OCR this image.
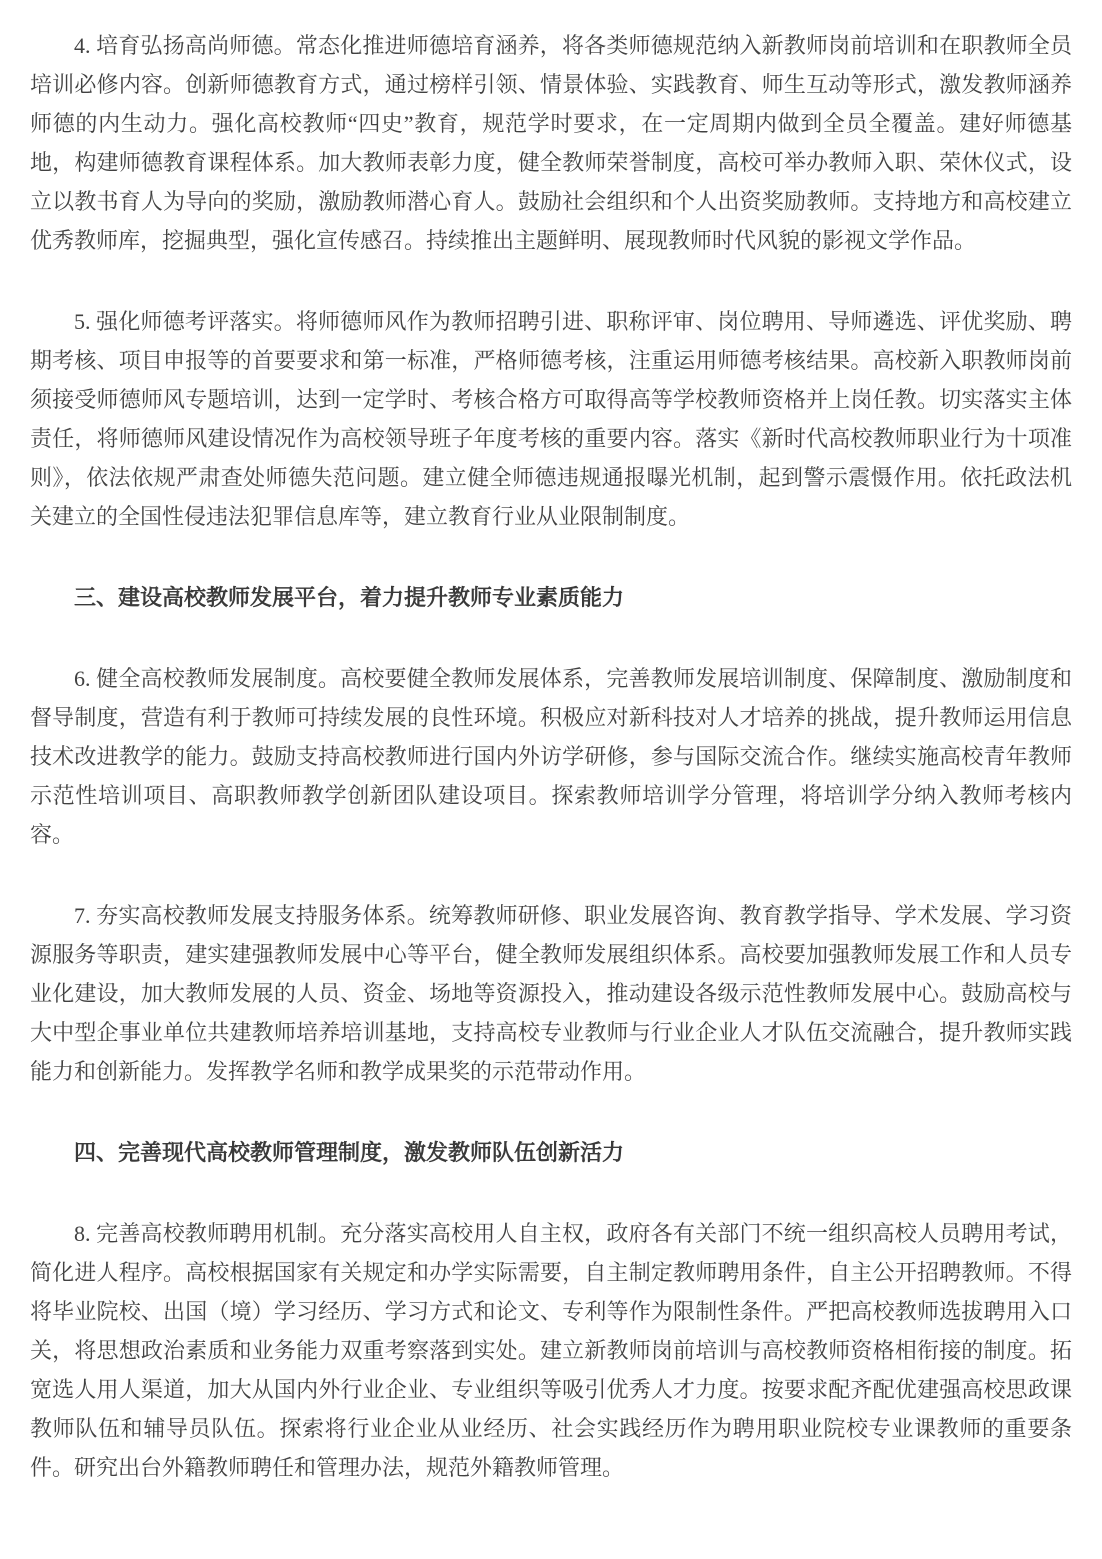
4. 培育弘扬高尚师德。常态化推进师德培育涵养，将各类师德规范纳入新教师岗前培训和在职教师全员培训必修内容。创新师德教育方式，通过榜样引领、情景体验、实践教育、师生互动等形式，激发教师涵养师德的内生动力。强化高校教师“四史”教育，规范学时要求，在一定周期内做到全员全覆盖。建好师德基地，构建师德教育课程体系。加大教师表彰力度，健全教师荣誉制度，高校可举办教师入职、荣休仪式，设立以教书育人为导向的奖励，激励教师潜心育人。鼓励社会组织和个人出资奖励教师。支持地方和高校建立优秀教师库，挖掘典型，强化宣传感召。持续推出主题鲜明、展现教师时代风貌的影视文学作品。

5. 强化师德考评落实。将师德师风作为教师招聘引进、职称评审、岗位聘用、导师遴选、评优奖励、聘期考核、项目申报等的首要要求和第一标准，严格师德考核，注重运用师德考核结果。高校新入职教师岗前须接受师德师风专题培训，达到一定学时、考核合格方可取得高等学校教师资格并上岗任教。切实落实主体责任，将师德师风建设情况作为高校领导班子年度考核的重要内容。落实《新时代高校教师职业行为十项准则》，依法依规严肃查处师德失范问题。建立健全师德违规通报曝光机制，起到警示震慑作用。依托政法机关建立的全国性侵违法犯罪信息库等，建立教育行业从业限制制度。

三、建设高校教师发展平台，着力提升教师专业素质能力

6. 健全高校教师发展制度。高校要健全教师发展体系，完善教师发展培训制度、保障制度、激励制度和督导制度，营造有利于教师可持续发展的良性环境。积极应对新科技对人才培养的挑战，提升教师运用信息技术改进教学的能力。鼓励支持高校教师进行国内外访学研修，参与国际交流合作。继续实施高校青年教师示范性培训项目、高职教师教学创新团队建设项目。探索教师培训学分管理，将培训学分纳入教师考核内容。

7. 夯实高校教师发展支持服务体系。统筹教师研修、职业发展咨询、教育教学指导、学术发展、学习资源服务等职责，建实建强教师发展中心等平台，健全教师发展组织体系。高校要加强教师发展工作和人员专业化建设，加大教师发展的人员、资金、场地等资源投入，推动建设各级示范性教师发展中心。鼓励高校与大中型企事业单位共建教师培养培训基地，支持高校专业教师与行业企业人才队伍交流融合，提升教师实践能力和创新能力。发挥教学名师和教学成果奖的示范带动作用。

四、完善现代高校教师管理制度，激发教师队伍创新活力

8. 完善高校教师聘用机制。充分落实高校用人自主权，政府各有关部门不统一组织高校人员聘用考试，简化进人程序。高校根据国家有关规定和办学实际需要，自主制定教师聘用条件，自主公开招聘教师。不得将毕业院校、出国（境）学习经历、学习方式和论文、专利等作为限制性条件。严把高校教师选拔聘用入口关，将思想政治素质和业务能力双重考察落到实处。建立新教师岗前培训与高校教师资格相衔接的制度。拓宽选人用人渠道，加大从国内外行业企业、专业组织等吸引优秀人才力度。按要求配齐配优建强高校思政课教师队伍和辅导员队伍。探索将行业企业从业经历、社会实践经历作为聘用职业院校专业课教师的重要条件。研究出台外籍教师聘任和管理办法，规范外籍教师管理。
